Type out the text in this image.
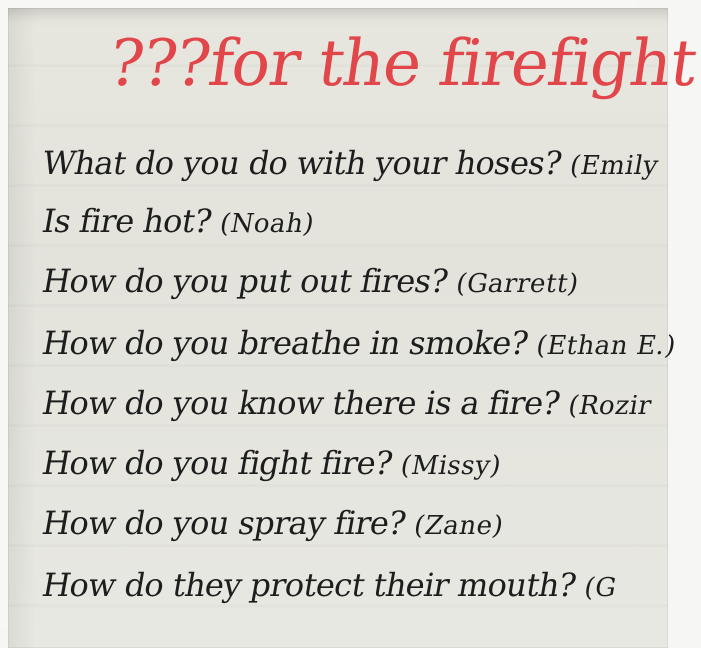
???for the firefight
What do you do with your hoses? (Emily
Is fire hot? (Noah)
How do you put out fires? (Garrett)
How do you breathe in smoke? (Ethan E.)
How do you know there is a fire? (Rozir
How do you fight fire? (Missy)
How do you spray fire? (Zane)
How do they protect their mouth? (G
